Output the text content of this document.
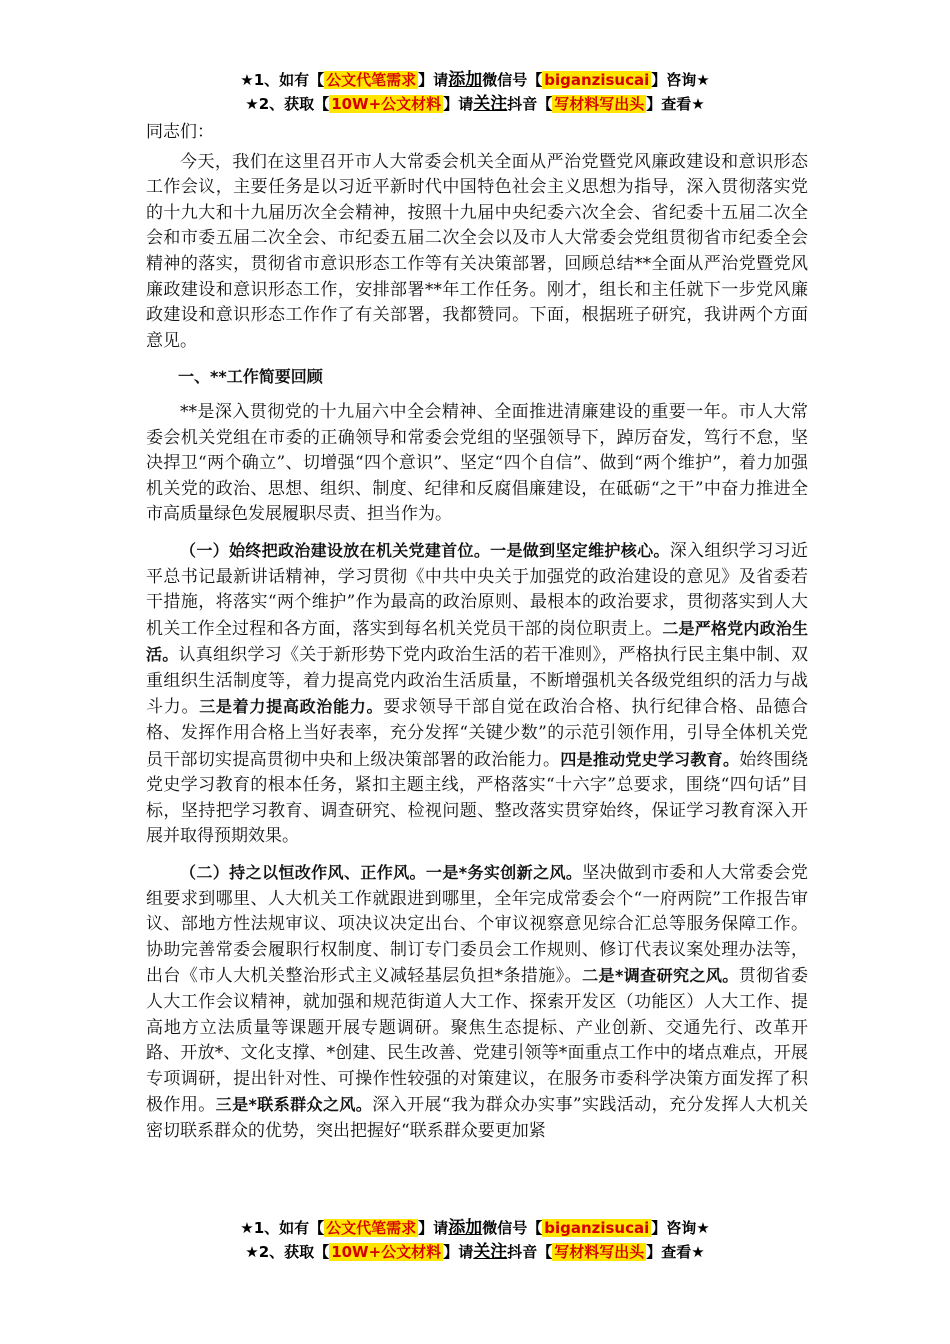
★1、如有【 公文代笔需求 】请添加微信号【 biganzisucai 】咨询★
★2、获取【 10W+公文材料 】请关注抖音【 写材料写出头 】查看★

同志们：

今天，我们在这里召开市人大常委会机关全面从严治党暨党风廉政建设和意识形态工作会议，主要任务是以习近平新时代中国特色社会主义思想为指导，深入贯彻落实党的十九大和十九届历次全会精神，按照十九届中央纪委六次全会、省纪委十五届二次全会和市委五届二次全会、市纪委五届二次全会以及市人大常委会党组贯彻省市纪委全会精神的落实，贯彻省市意识形态工作等有关决策部署，回顾总结**全面从严治党暨党风廉政建设和意识形态工作，安排部署**年工作任务。刚才，组长和主任就下一步党风廉政建设和意识形态工作作了有关部署，我都赞同。下面，根据班子研究，我讲两个方面意见。

一、**工作简要回顾

**是深入贯彻党的十九届六中全会精神、全面推进清廉建设的重要一年。市人大常委会机关党组在市委的正确领导和常委会党组的坚强领导下，踔厉奋发，笃行不怠，坚决捍卫“两个确立”、切增强“四个意识”、坚定“四个自信”、做到“两个维护”，着力加强机关党的政治、思想、组织、制度、纪律和反腐倡廉建设，在砥砺“之干”中奋力推进全市高质量绿色发展履职尽责、担当作为。

（一）始终把政治建设放在机关党建首位。一是做到坚定维护核心。深入组织学习习近平总书记最新讲话精神，学习贯彻《中共中央关于加强党的政治建设的意见》及省委若干措施，将落实“两个维护”作为最高的政治原则、最根本的政治要求，贯彻落实到人大机关工作全过程和各方面，落实到每名机关党员干部的岗位职责上。二是严格党内政治生活。认真组织学习《关于新形势下党内政治生活的若干准则》，严格执行民主集中制、双重组织生活制度等，着力提高党内政治生活质量，不断增强机关各级党组织的活力与战斗力。三是着力提高政治能力。要求领导干部自觉在政治合格、执行纪律合格、品德合格、发挥作用合格上当好表率，充分发挥“关键少数”的示范引领作用，引导全体机关党员干部切实提高贯彻中央和上级决策部署的政治能力。四是推动党史学习教育。始终围绕党史学习教育的根本任务，紧扣主题主线，严格落实“十六字”总要求，围绕“四句话”目标，坚持把学习教育、调查研究、检视问题、整改落实贯穿始终，保证学习教育深入开展并取得预期效果。

（二）持之以恒改作风、正作风。一是*务实创新之风。坚决做到市委和人大常委会党组要求到哪里、人大机关工作就跟进到哪里，全年完成常委会个“一府两院”工作报告审议、部地方性法规审议、项决议决定出台、个审议视察意见综合汇总等服务保障工作。协助完善常委会履职行权制度、制订专门委员会工作规则、修订代表议案处理办法等，出台《市人大机关整治形式主义减轻基层负担*条措施》。二是*调查研究之风。贯彻省委人大工作会议精神，就加强和规范街道人大工作、探索开发区（功能区）人大工作、提高地方立法质量等课题开展专题调研。聚焦生态提标、产业创新、交通先行、改革开路、开放*、文化支撑、*创建、民生改善、党建引领等*面重点工作中的堵点难点，开展专项调研，提出针对性、可操作性较强的对策建议，在服务市委科学决策方面发挥了积极作用。三是*联系群众之风。深入开展“我为群众办实事”实践活动，充分发挥人大机关密切联系群众的优势，突出把握好“联系群众要更加紧

★1、如有【 公文代笔需求 】请添加微信号【 biganzisucai 】咨询★
★2、获取【 10W+公文材料 】请关注抖音【 写材料写出头 】查看★
